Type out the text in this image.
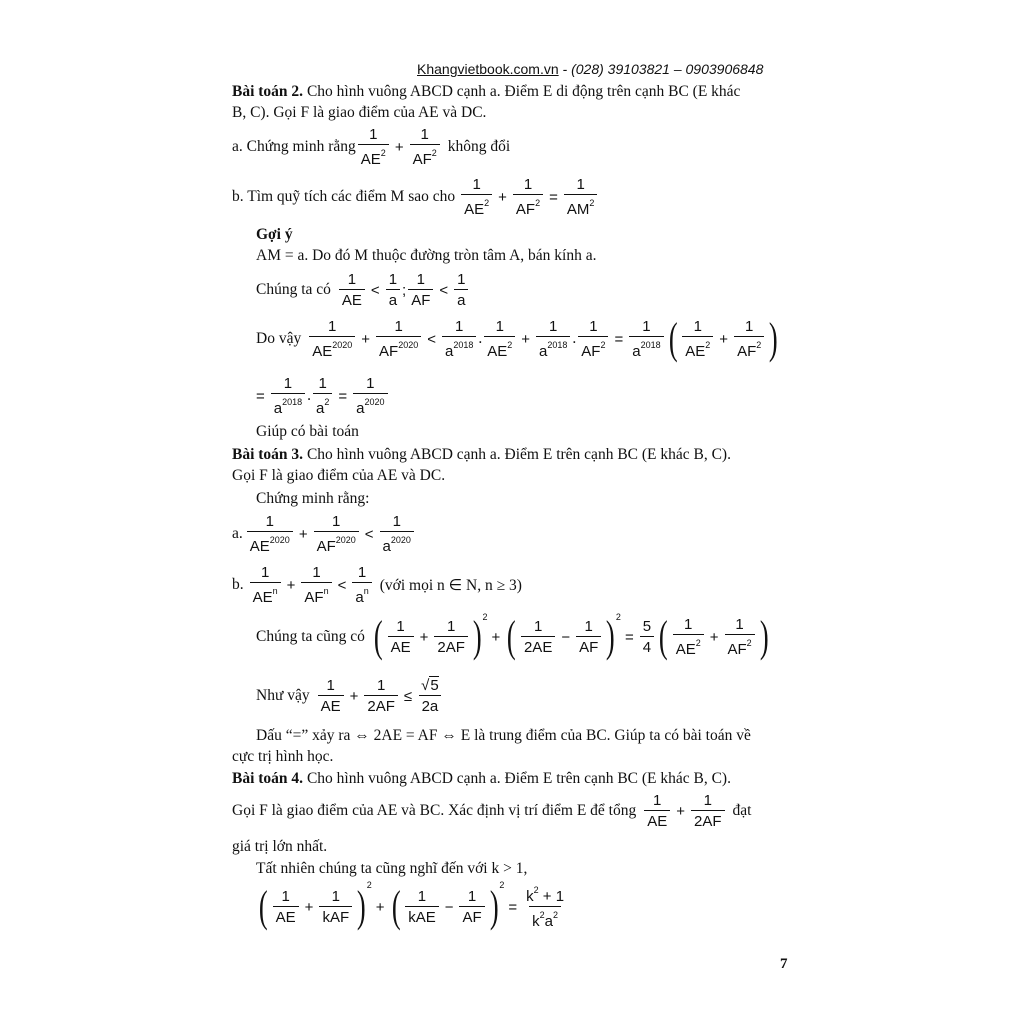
Khangvietbook.com.vn - (028) 39103821 – 0903906848
Bài toán 2. Cho hình vuông ABCD cạnh a. Điểm E di động trên cạnh BC (E khác
B, C). Gọi F là giao điểm của AE và DC.
a. Chứng minh rằng
1
$AE^2 + \frac{1}{AF^2}$ không đổi
b. Tìm quỹ tích các điểm M sao cho
1
$AE^2 + \frac{1}{AF^2} = \frac{1}{AM^2}$
Gợi ý
AM = a. Do đó M thuộc đường tròn tâm A, bán kính a.
Chúng ta có
1
AE
<
1
a
;
1
AF
<
1
a
Do vậy
1
$AE^{2020} + \frac{1}{AF^{2020}}$ <
1
$a^{2018}$ .
1
$AE^2 + \frac{1}{a^{2018}}$ . $\frac{1}{AF^2} = \frac{1}{a^{2018}}$ ( 1
$AE^2 + \frac{1}{AF^2}$ )
= $\frac{1}{a^{2018}}$ . $\frac{1}{a^2} = \frac{1}{a^{2020}}$
Giúp có bài toán
Bài toán 3. Cho hình vuông ABCD cạnh a. Điểm E trên cạnh BC (E khác B, C).
Gọi F là giao điểm của AE và DC.
Chứng minh rằng:
a.
1
$AE^{2020} + \frac{1}{AF^{2020}}$ <
1
$a^{2020}$
b.
1
$AE^n$ +
1
$AF^n$ <
1
$a^n$ (với mọi n ∈ N, n ≥ 3)
Chúng ta cũng có ( 1
AE
+ $\frac{1}{2AF}$ ) 2
+ ( 1
2AE
− $\frac{1}{AF}$ ) 2
= $\frac{5}{4}$ ( 1
$AE^2 + \frac{1}{AF^2}$ )
Như vậy
1
AE
+ $\frac{1}{2AF} \le \frac{√5}{2a}$
Dấu “=” xảy ra ⇔ 2AE = AF ⇔ E là trung điểm của BC. Giúp ta có bài toán về
cực trị hình học.
Bài toán 4. Cho hình vuông ABCD cạnh a. Điểm E trên cạnh BC (E khác B, C).
Gọi F là giao điểm của AE và BC. Xác định vị trí điểm E để tổng
1
AE
+ $\frac{1}{2AF}$ đạt
giá trị lớn nhất.
Tất nhiên chúng ta cũng nghĩ đến với k > 1,
( 1
AE
+
1
kAF ) 2
+ ( 1
kAE
− $\frac{1}{AF}$ ) 2
= $\frac{k^2 + 1}{k^2a^2}$
7
